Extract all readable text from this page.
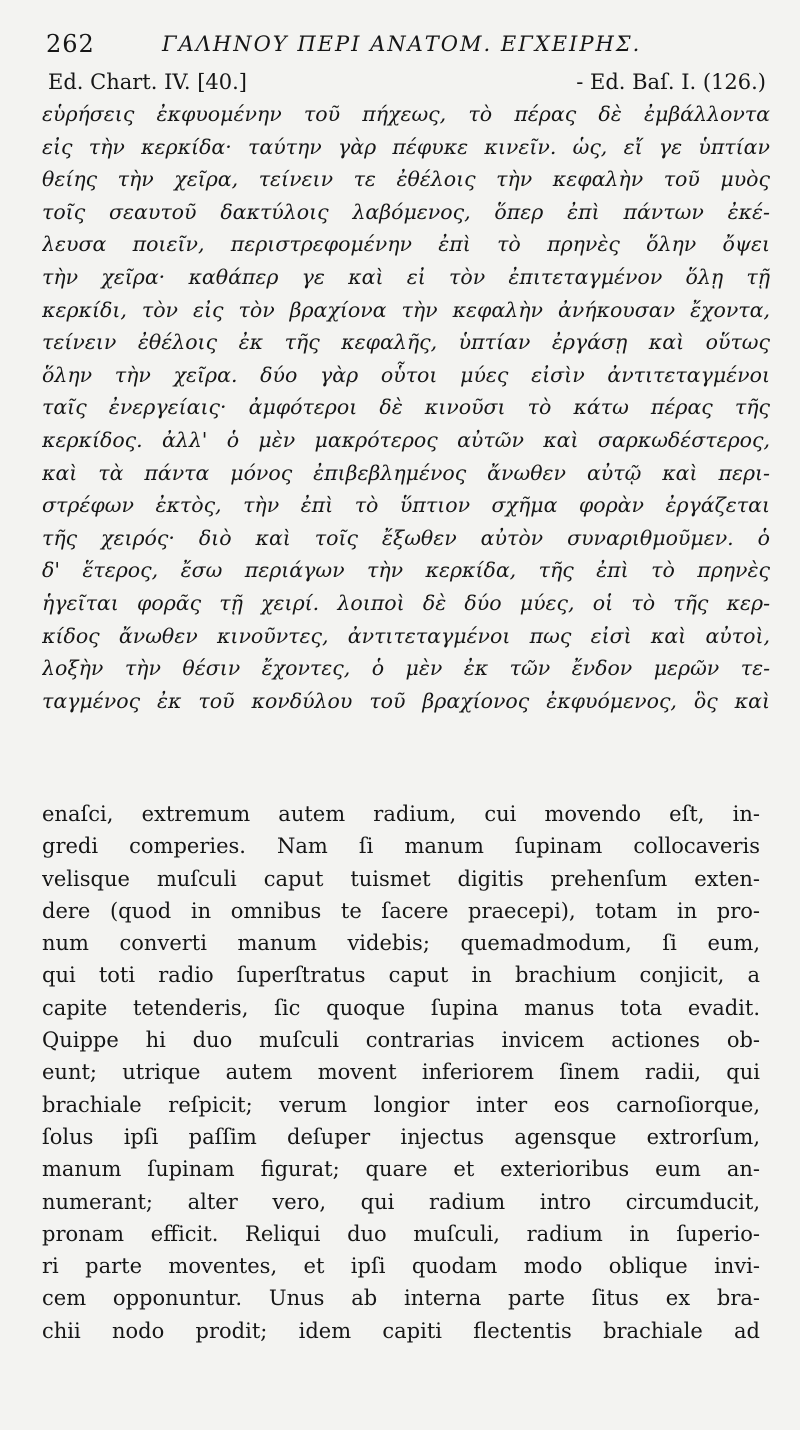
262	ΓΑΛΗΝΟΥ ΠΕΡΙ ΑΝΑΤΟΜ. ΕΓΧΕΙΡΗΣ.
Ed. Chart. IV. [40.]	- Ed. Baſ. I. (126.)
εὑρήσεις ἐκφυομένην τοῦ πήχεως, τὸ πέρας δὲ ἐμβάλλοντα
εἰς τὴν κερκίδα· ταύτην γὰρ πέφυκε κινεῖν. ὡς, εἴ γε ὑπτίαν
θείης τὴν χεῖρα, τείνειν τε ἐθέλοις τὴν κεφαλὴν τοῦ μυὸς
τοῖς σεαυτοῦ δακτύλοις λαβόμενος, ὅπερ ἐπὶ πάντων ἐκέ-
λευσα ποιεῖν, περιστρεφομένην ἐπὶ τὸ πρηνὲς ὅλην ὄψει
τὴν χεῖρα· καθάπερ γε καὶ εἰ τὸν ἐπιτεταγμένον ὅλῃ τῇ
κερκίδι, τὸν εἰς τὸν βραχίονα τὴν κεφαλὴν ἀνήκουσαν ἔχοντα,
τείνειν ἐθέλοις ἐκ τῆς κεφαλῆς, ὑπτίαν ἐργάσῃ καὶ οὕτως
ὅλην τὴν χεῖρα. δύο γὰρ οὗτοι μύες εἰσὶν ἀντιτεταγμένοι
ταῖς ἐνεργείαις· ἀμφότεροι δὲ κινοῦσι τὸ κάτω πέρας τῆς
κερκίδος. ἀλλ' ὁ μὲν μακρότερος αὐτῶν καὶ σαρκωδέστερος,
καὶ τὰ πάντα μόνος ἐπιβεβλημένος ἄνωθεν αὐτῷ καὶ περι-
στρέφων ἐκτὸς, τὴν ἐπὶ τὸ ὕπτιον σχῆμα φορὰν ἐργάζεται
τῆς χειρός· διὸ καὶ τοῖς ἔξωθεν αὐτὸν συναριθμοῦμεν. ὁ
δ' ἕτερος, ἔσω περιάγων τὴν κερκίδα, τῆς ἐπὶ τὸ πρηνὲς
ἡγεῖται φορᾶς τῇ χειρί. λοιποὶ δὲ δύο μύες, οἱ τὸ τῆς κερ-
κίδος ἄνωθεν κινοῦντες, ἀντιτεταγμένοι πως εἰσὶ καὶ αὐτοὶ,
λοξὴν τὴν θέσιν ἔχοντες, ὁ μὲν ἐκ τῶν ἔνδον μερῶν τε-
ταγμένος ἐκ τοῦ κονδύλου τοῦ βραχίονος ἐκφυόμενος, ὃς καὶ
enaſci, extremum autem radium, cui movendo eſt, in-
gredi comperies. Nam ſi manum ſupinam collocaveris
velisque muſculi caput tuismet digitis prehenſum exten-
dere (quod in omnibus te ſacere praecepi), totam in pro-
num converti manum videbis; quemadmodum, ſi eum,
qui toti radio ſuperſtratus caput in brachium conjicit, a
capite tetenderis, ſic quoque ſupina manus tota evadit.
Quippe hi duo muſculi contrarias invicem actiones ob-
eunt; utrique autem movent inferiorem ſinem radii, qui
brachiale reſpicit; verum longior inter eos carnoſiorque,
ſolus ipſi paſſim deſuper injectus agensque extrorſum,
manum ſupinam figurat; quare et exterioribus eum an-
numerant; alter vero, qui radium intro circumducit,
pronam efficit. Reliqui duo muſculi, radium in ſuperio-
ri parte moventes, et ipſi quodam modo oblique invi-
cem opponuntur. Unus ab interna parte ſitus ex bra-
chii nodo prodit; idem capiti flectentis brachiale ad
